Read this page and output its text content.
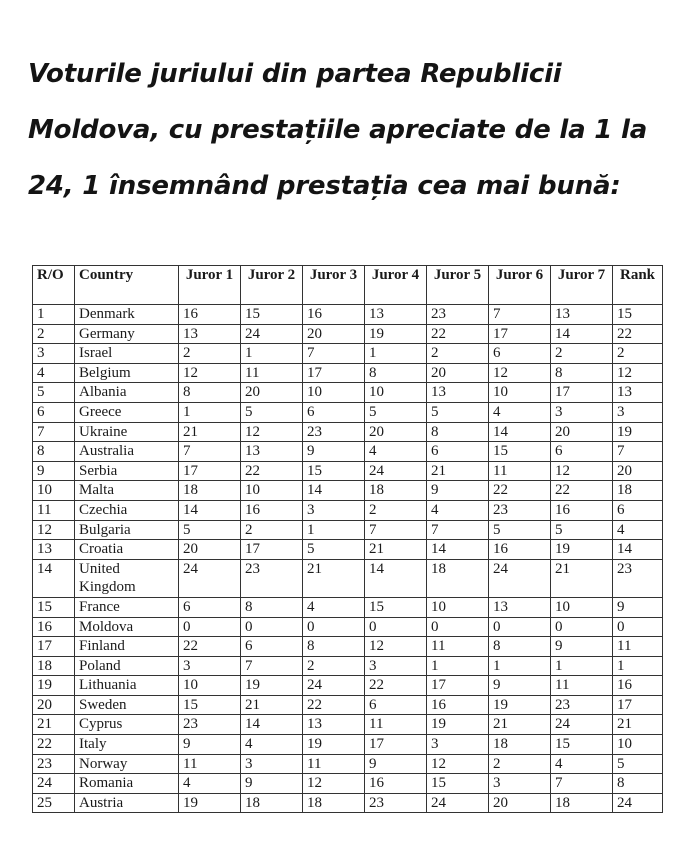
Voturile juriului din partea Republicii Moldova, cu prestațiile apreciate de la 1 la 24, 1 însemnând prestația cea mai bună:
R/O	Country	Juror 1	Juror 2	Juror 3	Juror 4	Juror 5	Juror 6	Juror 7	Rank
1	Denmark	16	15	16	13	23	7	13	15
2	Germany	13	24	20	19	22	17	14	22
3	Israel	2	1	7	1	2	6	2	2
4	Belgium	12	11	17	8	20	12	8	12
5	Albania	8	20	10	10	13	10	17	13
6	Greece	1	5	6	5	5	4	3	3
7	Ukraine	21	12	23	20	8	14	20	19
8	Australia	7	13	9	4	6	15	6	7
9	Serbia	17	22	15	24	21	11	12	20
10	Malta	18	10	14	18	9	22	22	18
11	Czechia	14	16	3	2	4	23	16	6
12	Bulgaria	5	2	1	7	7	5	5	4
13	Croatia	20	17	5	21	14	16	19	14
14	United Kingdom	24	23	21	14	18	24	21	23
15	France	6	8	4	15	10	13	10	9
16	Moldova	0	0	0	0	0	0	0	0
17	Finland	22	6	8	12	11	8	9	11
18	Poland	3	7	2	3	1	1	1	1
19	Lithuania	10	19	24	22	17	9	11	16
20	Sweden	15	21	22	6	16	19	23	17
21	Cyprus	23	14	13	11	19	21	24	21
22	Italy	9	4	19	17	3	18	15	10
23	Norway	11	3	11	9	12	2	4	5
24	Romania	4	9	12	16	15	3	7	8
25	Austria	19	18	18	23	24	20	18	24
